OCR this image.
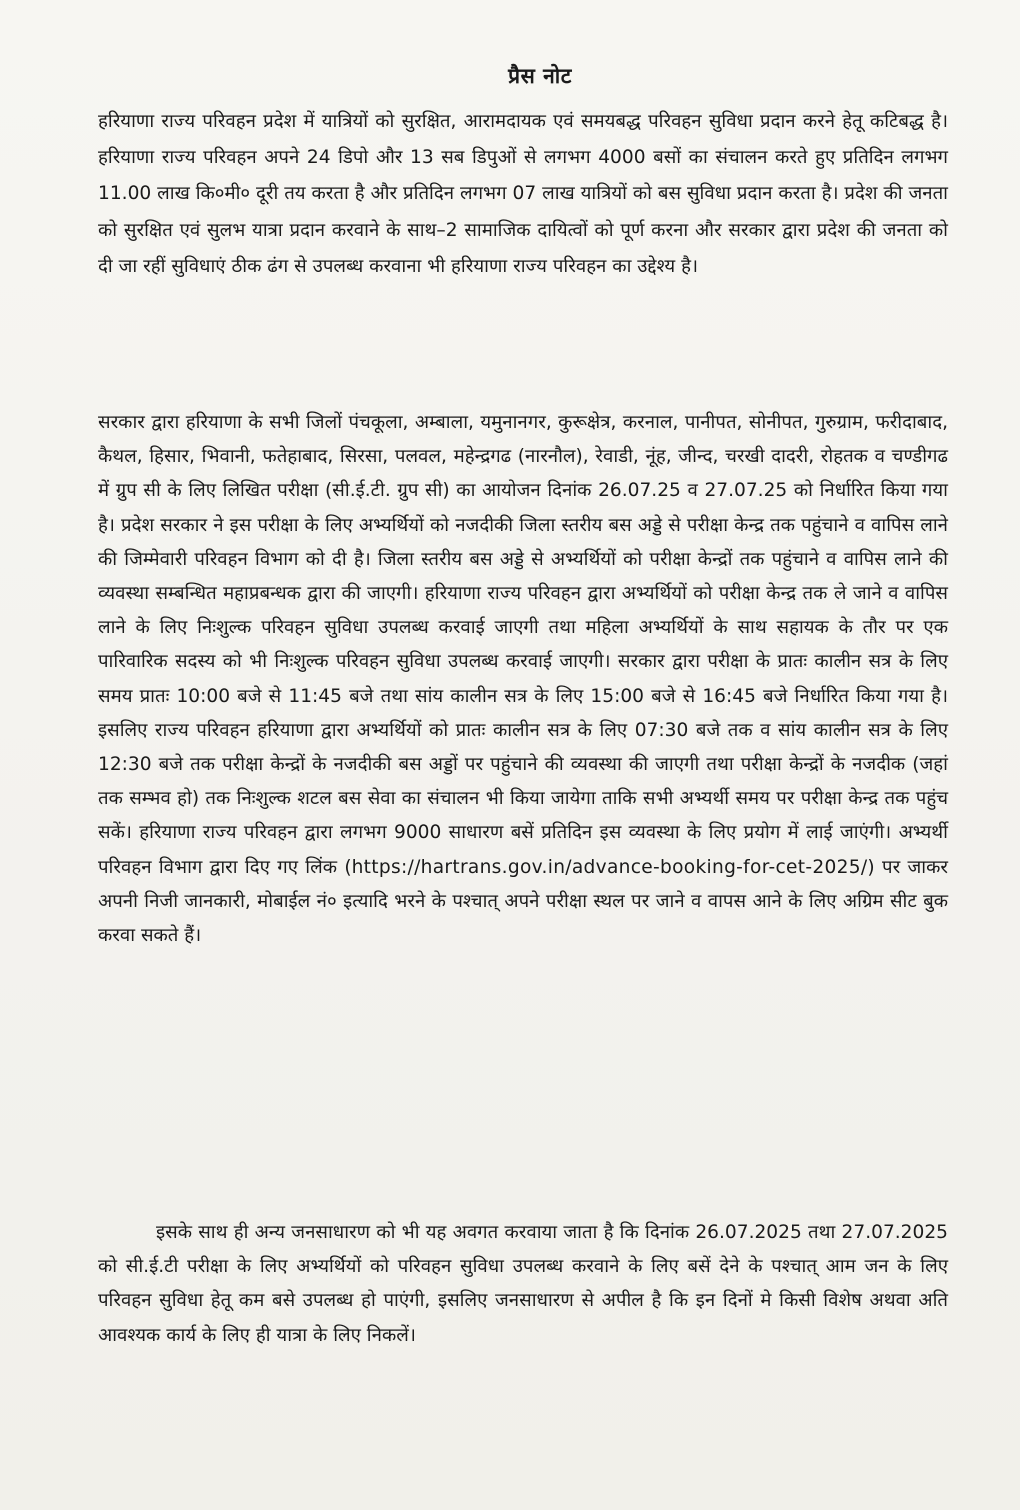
प्रैस नोट

हरियाणा राज्य परिवहन प्रदेश में यात्रियों को सुरक्षित, आरामदायक एवं समयबद्ध परिवहन सुविधा प्रदान करने हेतू कटिबद्ध है। हरियाणा राज्य परिवहन अपने 24 डिपो और 13 सब डिपुओं से लगभग 4000 बसों का संचालन करते हुए प्रतिदिन लगभग 11.00 लाख कि०मी० दूरी तय करता है और प्रतिदिन लगभग 07 लाख यात्रियों को बस सुविधा प्रदान करता है। प्रदेश की जनता को सुरक्षित एवं सुलभ यात्रा प्रदान करवाने के साथ–2 सामाजिक दायित्वों को पूर्ण करना और सरकार द्वारा प्रदेश की जनता को दी जा रहीं सुविधाएं ठीक ढंग से उपलब्ध करवाना भी हरियाणा राज्य परिवहन का उद्देश्य है।

सरकार द्वारा हरियाणा के सभी जिलों पंचकूला, अम्बाला, यमुनानगर, कुरूक्षेत्र, करनाल, पानीपत, सोनीपत, गुरुग्राम, फरीदाबाद, कैथल, हिसार, भिवानी, फतेहाबाद, सिरसा, पलवल, महेन्द्रगढ (नारनौल), रेवाडी, नूंह, जीन्द, चरखी दादरी, रोहतक व चण्डीगढ में ग्रुप सी के लिए लिखित परीक्षा (सी.ई.टी. ग्रुप सी) का आयोजन दिनांक 26.07.25 व 27.07.25 को निर्धारित किया गया है। प्रदेश सरकार ने इस परीक्षा के लिए अभ्यर्थियों को नजदीकी जिला स्तरीय बस अड्डे से परीक्षा केन्द्र तक पहुंचाने व वापिस लाने की जिम्मेवारी परिवहन विभाग को दी है। जिला स्तरीय बस अड्डे से अभ्यर्थियों को परीक्षा केन्द्रों तक पहुंचाने व वापिस लाने की व्यवस्था सम्बन्धित महाप्रबन्धक द्वारा की जाएगी। हरियाणा राज्य परिवहन द्वारा अभ्यर्थियों को परीक्षा केन्द्र तक ले जाने व वापिस लाने के लिए निःशुल्क परिवहन सुविधा उपलब्ध करवाई जाएगी तथा महिला अभ्यर्थियों के साथ सहायक के तौर पर एक पारिवारिक सदस्य को भी निःशुल्क परिवहन सुविधा उपलब्ध करवाई जाएगी। सरकार द्वारा परीक्षा के प्रातः कालीन सत्र के लिए समय प्रातः 10:00 बजे से 11:45 बजे तथा सांय कालीन सत्र के लिए 15:00 बजे से 16:45 बजे निर्धारित किया गया है। इसलिए राज्य परिवहन हरियाणा द्वारा अभ्यर्थियों को प्रातः कालीन सत्र के लिए 07:30 बजे तक व सांय कालीन सत्र के लिए 12:30 बजे तक परीक्षा केन्द्रों के नजदीकी बस अड्डों पर पहुंचाने की व्यवस्था की जाएगी तथा परीक्षा केन्द्रों के नजदीक (जहां तक सम्भव हो) तक निःशुल्क शटल बस सेवा का संचालन भी किया जायेगा ताकि सभी अभ्यर्थी समय पर परीक्षा केन्द्र तक पहुंच सकें। हरियाणा राज्य परिवहन द्वारा लगभग 9000 साधारण बसें प्रतिदिन इस व्यवस्था के लिए प्रयोग में लाई जाएंगी। अभ्यर्थी परिवहन विभाग द्वारा दिए गए लिंक (https://hartrans.gov.in/advance-booking-for-cet-2025/) पर जाकर अपनी निजी जानकारी, मोबाईल नं० इत्यादि भरने के पश्चात् अपने परीक्षा स्थल पर जाने व वापस आने के लिए अग्रिम सीट बुक करवा सकते हैं।

इसके साथ ही अन्य जनसाधारण को भी यह अवगत करवाया जाता है कि दिनांक 26.07.2025 तथा 27.07.2025 को सी.ई.टी परीक्षा के लिए अभ्यर्थियों को परिवहन सुविधा उपलब्ध करवाने के लिए बसें देने के पश्चात् आम जन के लिए परिवहन सुविधा हेतू कम बसे उपलब्ध हो पाएंगी, इसलिए जनसाधारण से अपील है कि इन दिनों मे किसी विशेष अथवा अति आवश्यक कार्य के लिए ही यात्रा के लिए निकलें।
